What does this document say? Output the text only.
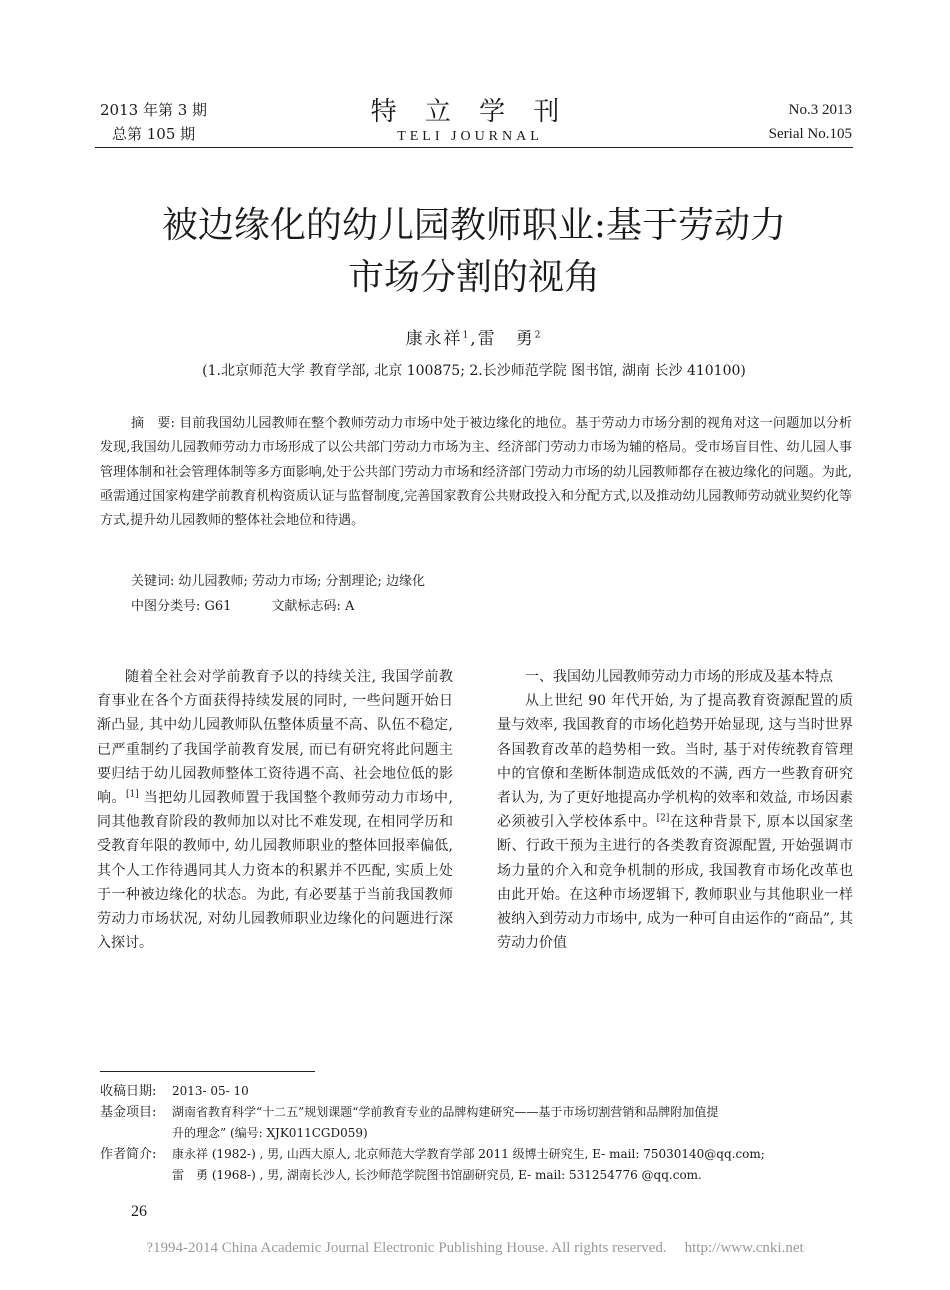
2013 年第 3 期
总第 105 期
特 立 学 刊
TELI JOURNAL
No.3 2013
Serial No.105
被边缘化的幼儿园教师职业:基于劳动力
市场分割的视角
康永祥$^1$,雷　勇$^2$
(1.北京师范大学 教育学部, 北京 100875; 2.长沙师范学院 图书馆, 湖南 长沙 410100)

摘　要: 目前我国幼儿园教师在整个教师劳动力市场中处于被边缘化的地位。基于劳动力市场分割的视角对这一问题加以分析发现,我国幼儿园教师劳动力市场形成了以公共部门劳动力市场为主、经济部门劳动力市场为辅的格局。受市场盲目性、幼儿园人事管理体制和社会管理体制等多方面影响,处于公共部门劳动力市场和经济部门劳动力市场的幼儿园教师都存在被边缘化的问题。为此,亟需通过国家构建学前教育机构资质认证与监督制度,完善国家教育公共财政投入和分配方式,以及推动幼儿园教师劳动就业契约化等方式,提升幼儿园教师的整体社会地位和待遇。

关键词: 幼儿园教师; 劳动力市场; 分割理论; 边缘化
中图分类号: G61	文献标志码: A

随着全社会对学前教育予以的持续关注, 我国学前教育事业在各个方面获得持续发展的同时, 一些问题开始日渐凸显, 其中幼儿园教师队伍整体质量不高、队伍不稳定, 已严重制约了我国学前教育发展, 而已有研究将此问题主要归结于幼儿园教师整体工资待遇不高、社会地位低的影响。[1] 当把幼儿园教师置于我国整个教师劳动力市场中, 同其他教育阶段的教师加以对比不难发现, 在相同学历和受教育年限的教师中, 幼儿园教师职业的整体回报率偏低, 其个人工作待遇同其人力资本的积累并不匹配, 实质上处于一种被边缘化的状态。为此, 有必要基于当前我国教师劳动力市场状况, 对幼儿园教师职业边缘化的问题进行深入探讨。

一、我国幼儿园教师劳动力市场的形成及基本特点

从上世纪 90 年代开始, 为了提高教育资源配置的质量与效率, 我国教育的市场化趋势开始显现, 这与当时世界各国教育改革的趋势相一致。当时, 基于对传统教育管理中的官僚和垄断体制造成低效的不满, 西方一些教育研究者认为, 为了更好地提高办学机构的效率和效益, 市场因素必须被引入学校体系中。[2]在这种背景下, 原本以国家垄断、行政干预为主进行的各类教育资源配置, 开始强调市场力量的介入和竞争机制的形成, 我国教育市场化改革也由此开始。在这种市场逻辑下, 教师职业与其他职业一样被纳入到劳动力市场中, 成为一种可自由运作的“商品”, 其劳动力价值

收稿日期:	2013- 05- 10
基金项目:	湖南省教育科学“十二五”规划课题“学前教育专业的品牌构建研究——基于市场切割营销和品牌附加值提
升的理念” (编号: XJK011CGD059)
作者简介:	康永祥 (1982-) , 男, 山西大原人, 北京师范大学教育学部 2011 级博士研究生, E- mail: 75030140@qq.com;
雷　勇 (1968-) , 男, 湖南长沙人, 长沙师范学院图书馆副研究员, E- mail: 531254776 @qq.com.
26
?1994-2014 China Academic Journal Electronic Publishing House. All rights reserved. http://www.cnki.net
